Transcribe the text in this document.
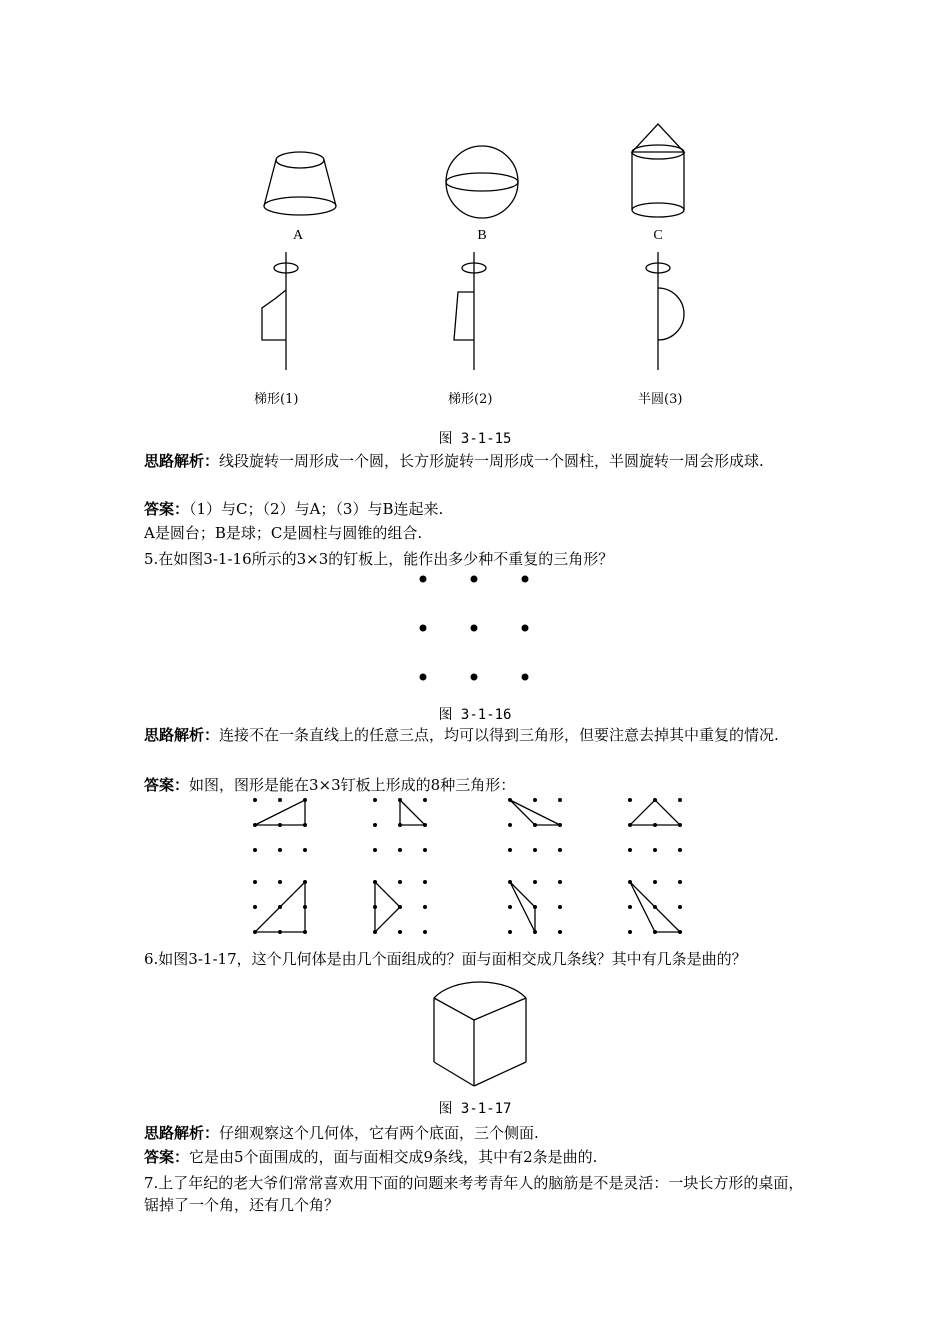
A	B	C
梯形(1)	梯形(2)	半圆(3)
图 3-1-15
思路解析：线段旋转一周形成一个圆，长方形旋转一周形成一个圆柱，半圆旋转一周会形成球.
答案：（1）与C；（2）与A；（3）与B连起来.
A是圆台；B是球；C是圆柱与圆锥的组合.
5.在如图3-1-16所示的3×3的钉板上，能作出多少种不重复的三角形？
图 3-1-16
思路解析：连接不在一条直线上的任意三点，均可以得到三角形，但要注意去掉其中重复的情况.
答案：如图，图形是能在3×3钉板上形成的8种三角形：
6.如图3-1-17，这个几何体是由几个面组成的？面与面相交成几条线？其中有几条是曲的？
图 3-1-17
思路解析：仔细观察这个几何体，它有两个底面，三个侧面.
答案：它是由5个面围成的，面与面相交成9条线，其中有2条是曲的.
7.上了年纪的老大爷们常常喜欢用下面的问题来考考青年人的脑筋是不是灵活：一块长方形的桌面，锯掉了一个角，还有几个角？
